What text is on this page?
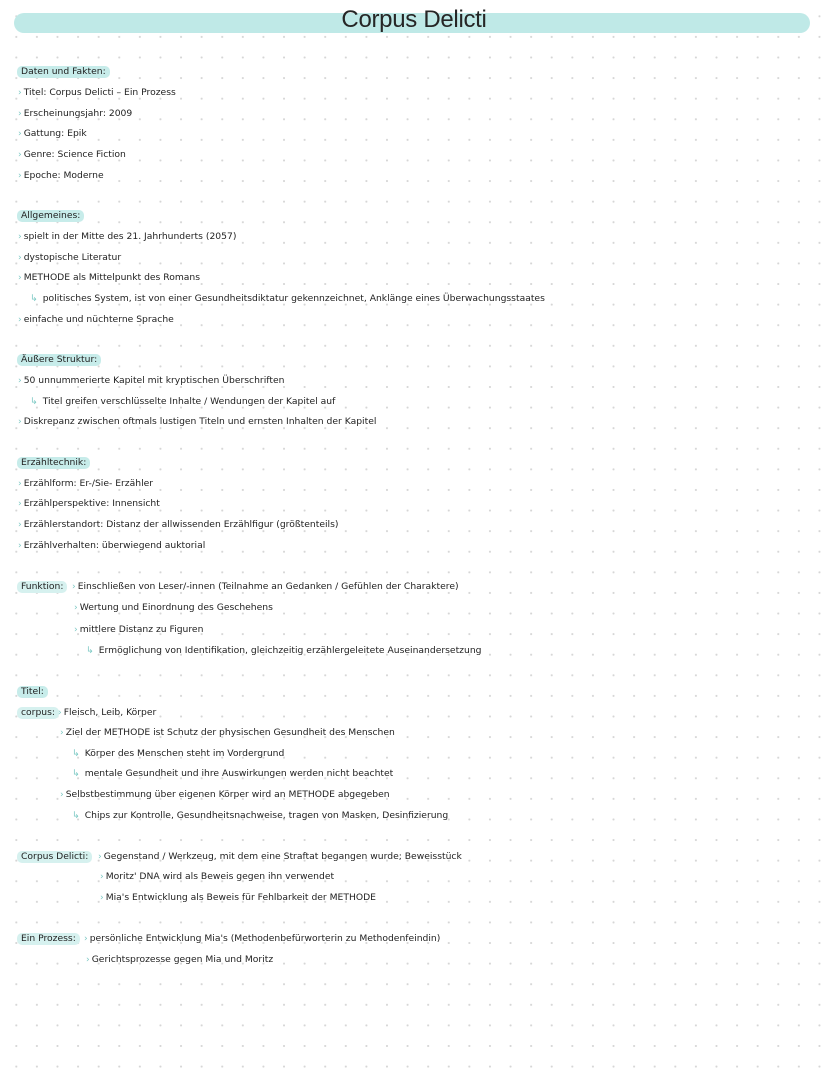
Corpus Delicti
Daten und Fakten:
› Titel: Corpus Delicti – Ein Prozess
› Erscheinungsjahr: 2009
› Gattung: Epik
› Genre: Science Fiction
› Epoche: Moderne
Allgemeines:
› spielt in der Mitte des 21. Jahrhunderts (2057)
› dystopische Literatur
› METHODE als Mittelpunkt des Romans
↳ politisches System, ist von einer Gesundheitsdiktatur gekennzeichnet, Anklänge eines Überwachungsstaates
› einfache und nüchterne Sprache
Äußere Struktur:
› 50 unnummerierte Kapitel mit kryptischen Überschriften
↳ Titel greifen verschlüsselte Inhalte / Wendungen der Kapitel auf
› Diskrepanz zwischen oftmals lustigen Titeln und ernsten Inhalten der Kapitel
Erzähltechnik:
› Erzählform: Er-/Sie- Erzähler
› Erzählperspektive: Innensicht
› Erzählerstandort: Distanz der allwissenden Erzählfigur (größtenteils)
› Erzählverhalten: überwiegend auktorial
Funktion: › Einschließen von Leser/-innen (Teilnahme an Gedanken / Gefühlen der Charaktere)
› Wertung und Einordnung des Geschehens
› mittlere Distanz zu Figuren
↳ Ermöglichung von Identifikation, gleichzeitig erzählergeleitete Auseinandersetzung
Titel:
corpus: › Fleisch, Leib, Körper
› Ziel der METHODE ist Schutz der physischen Gesundheit des Menschen
↳ Körper des Menschen steht im Vordergrund
↳ mentale Gesundheit und ihre Auswirkungen werden nicht beachtet
› Selbstbestimmung über eigenen Körper wird an METHODE abgegeben
↳ Chips zur Kontrolle, Gesundheitsnachweise, tragen von Masken, Desinfizierung
Corpus Delicti:	› Gegenstand / Werkzeug, mit dem eine Straftat begangen wurde; Beweisstück
› Moritz' DNA wird als Beweis gegen ihn verwendet
› Mia's Entwicklung als Beweis für Fehlbarkeit der METHODE
Ein Prozess: › persönliche Entwicklung Mia's (Methodenbefürworterin zu Methodenfeindin)
› Gerichtsprozesse gegen Mia und Moritz
